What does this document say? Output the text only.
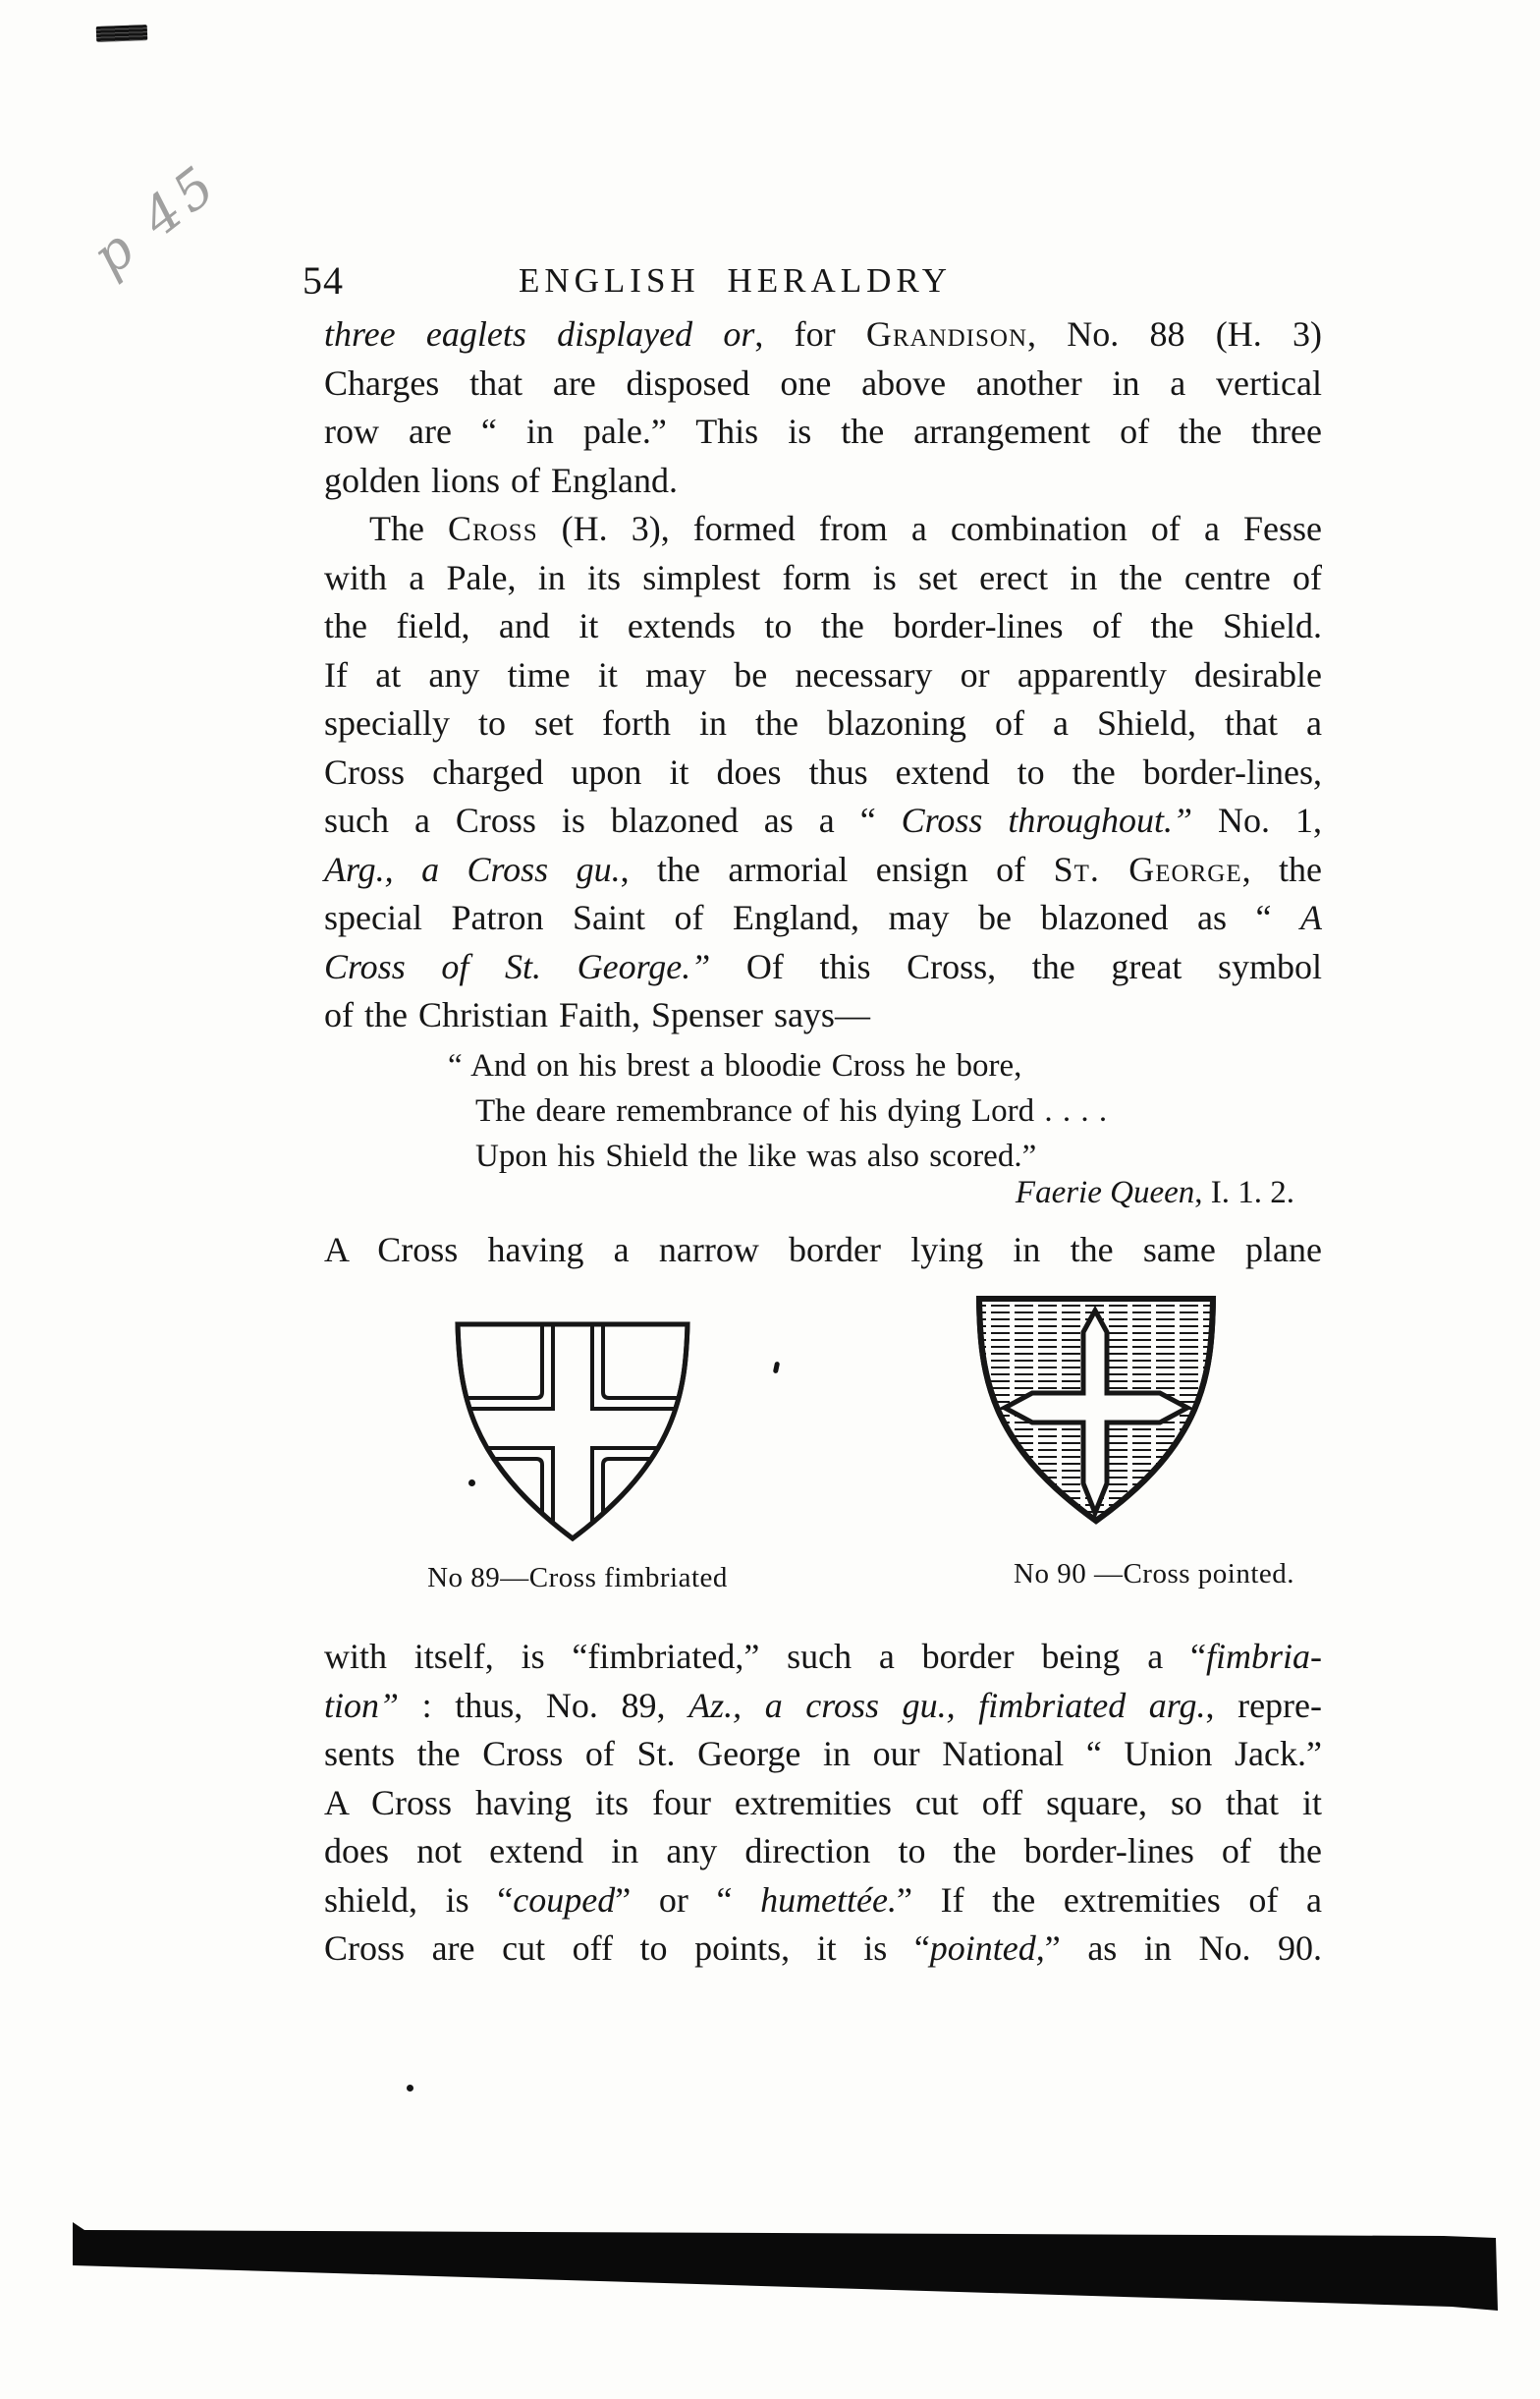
p 45 54	ENGLISH HERALDRY
three eaglets displayed or, for Grandison, No. 88 (H. 3)
Charges that are disposed one above another in a vertical
row are “ in pale.” This is the arrangement of the three
golden lions of England.
The Cross (H. 3), formed from a combination of a Fesse
with a Pale, in its simplest form is set erect in the centre of
the field, and it extends to the border-lines of the Shield.
If at any time it may be necessary or apparently desirable
specially to set forth in the blazoning of a Shield, that a
Cross charged upon it does thus extend to the border-lines,
such a Cross is blazoned as a “ Cross throughout.” No. 1,
Arg., a Cross gu., the armorial ensign of St. George, the
special Patron Saint of England, may be blazoned as “ A
Cross of St. George.” Of this Cross, the great symbol
of the Christian Faith, Spenser says—
“ And on his brest a bloodie Cross he bore,
The deare remembrance of his dying Lord . . . .
Upon his Shield the like was also scored.”
Faerie Queen, I. 1. 2.
A Cross having a narrow border lying in the same plane
No 89—Cross fimbriated	No 90 —Cross pointed.
with itself, is “fimbriated,” such a border being a “fimbria-
tion” : thus, No. 89, Az., a cross gu., fimbriated arg., repre-
sents the Cross of St. George in our National “ Union Jack.”
A Cross having its four extremities cut off square, so that it
does not extend in any direction to the border-lines of the
shield, is “couped” or “ humettée.” If the extremities of a
Cross are cut off to points, it is “pointed,” as in No. 90.
